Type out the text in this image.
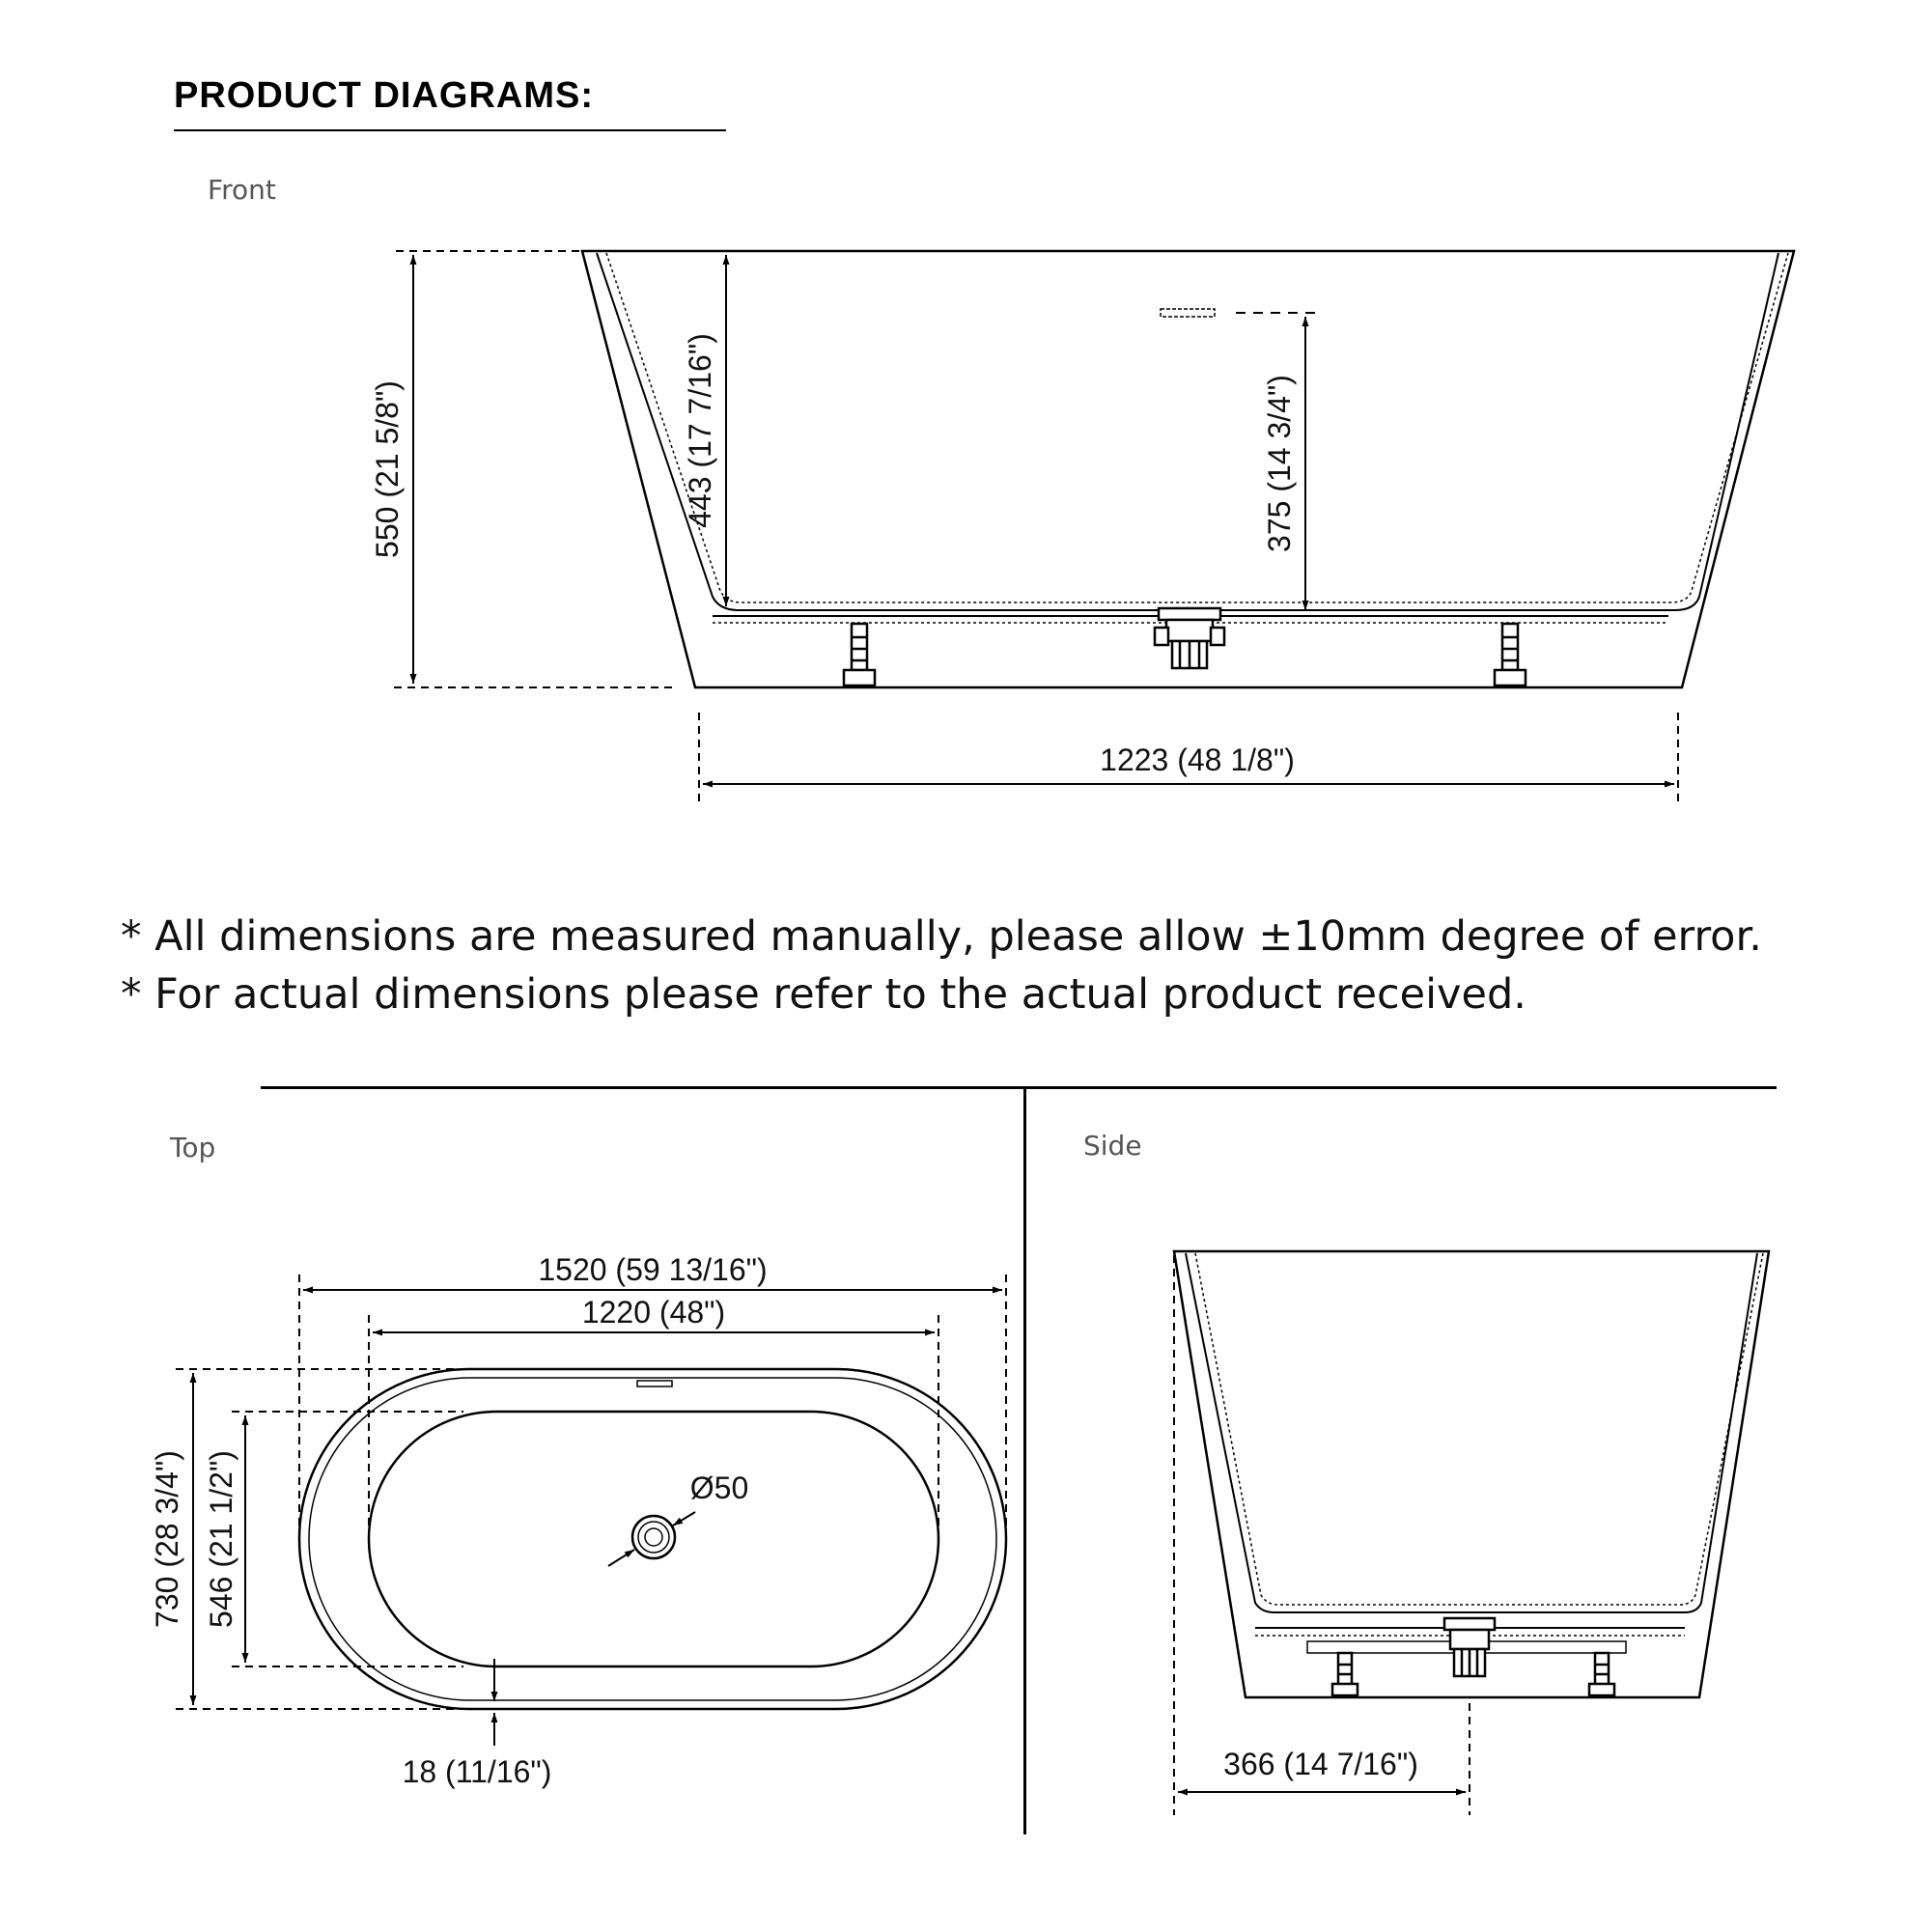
PRODUCT DIAGRAMS:
Front
Top	Side
* All dimensions are measured manually, please allow ±10mm degree of error.
* For actual dimensions please refer to the actual product received.
550 (21 5/8")	443 (17 7/16")	375 (14 3/4")
1223 (48 1/8")
1520 (59 13/16")
1220 (48")
730 (28 3/4") 546 (21 1/2")	Ø50
18 (11/16")	366 (14 7/16")
